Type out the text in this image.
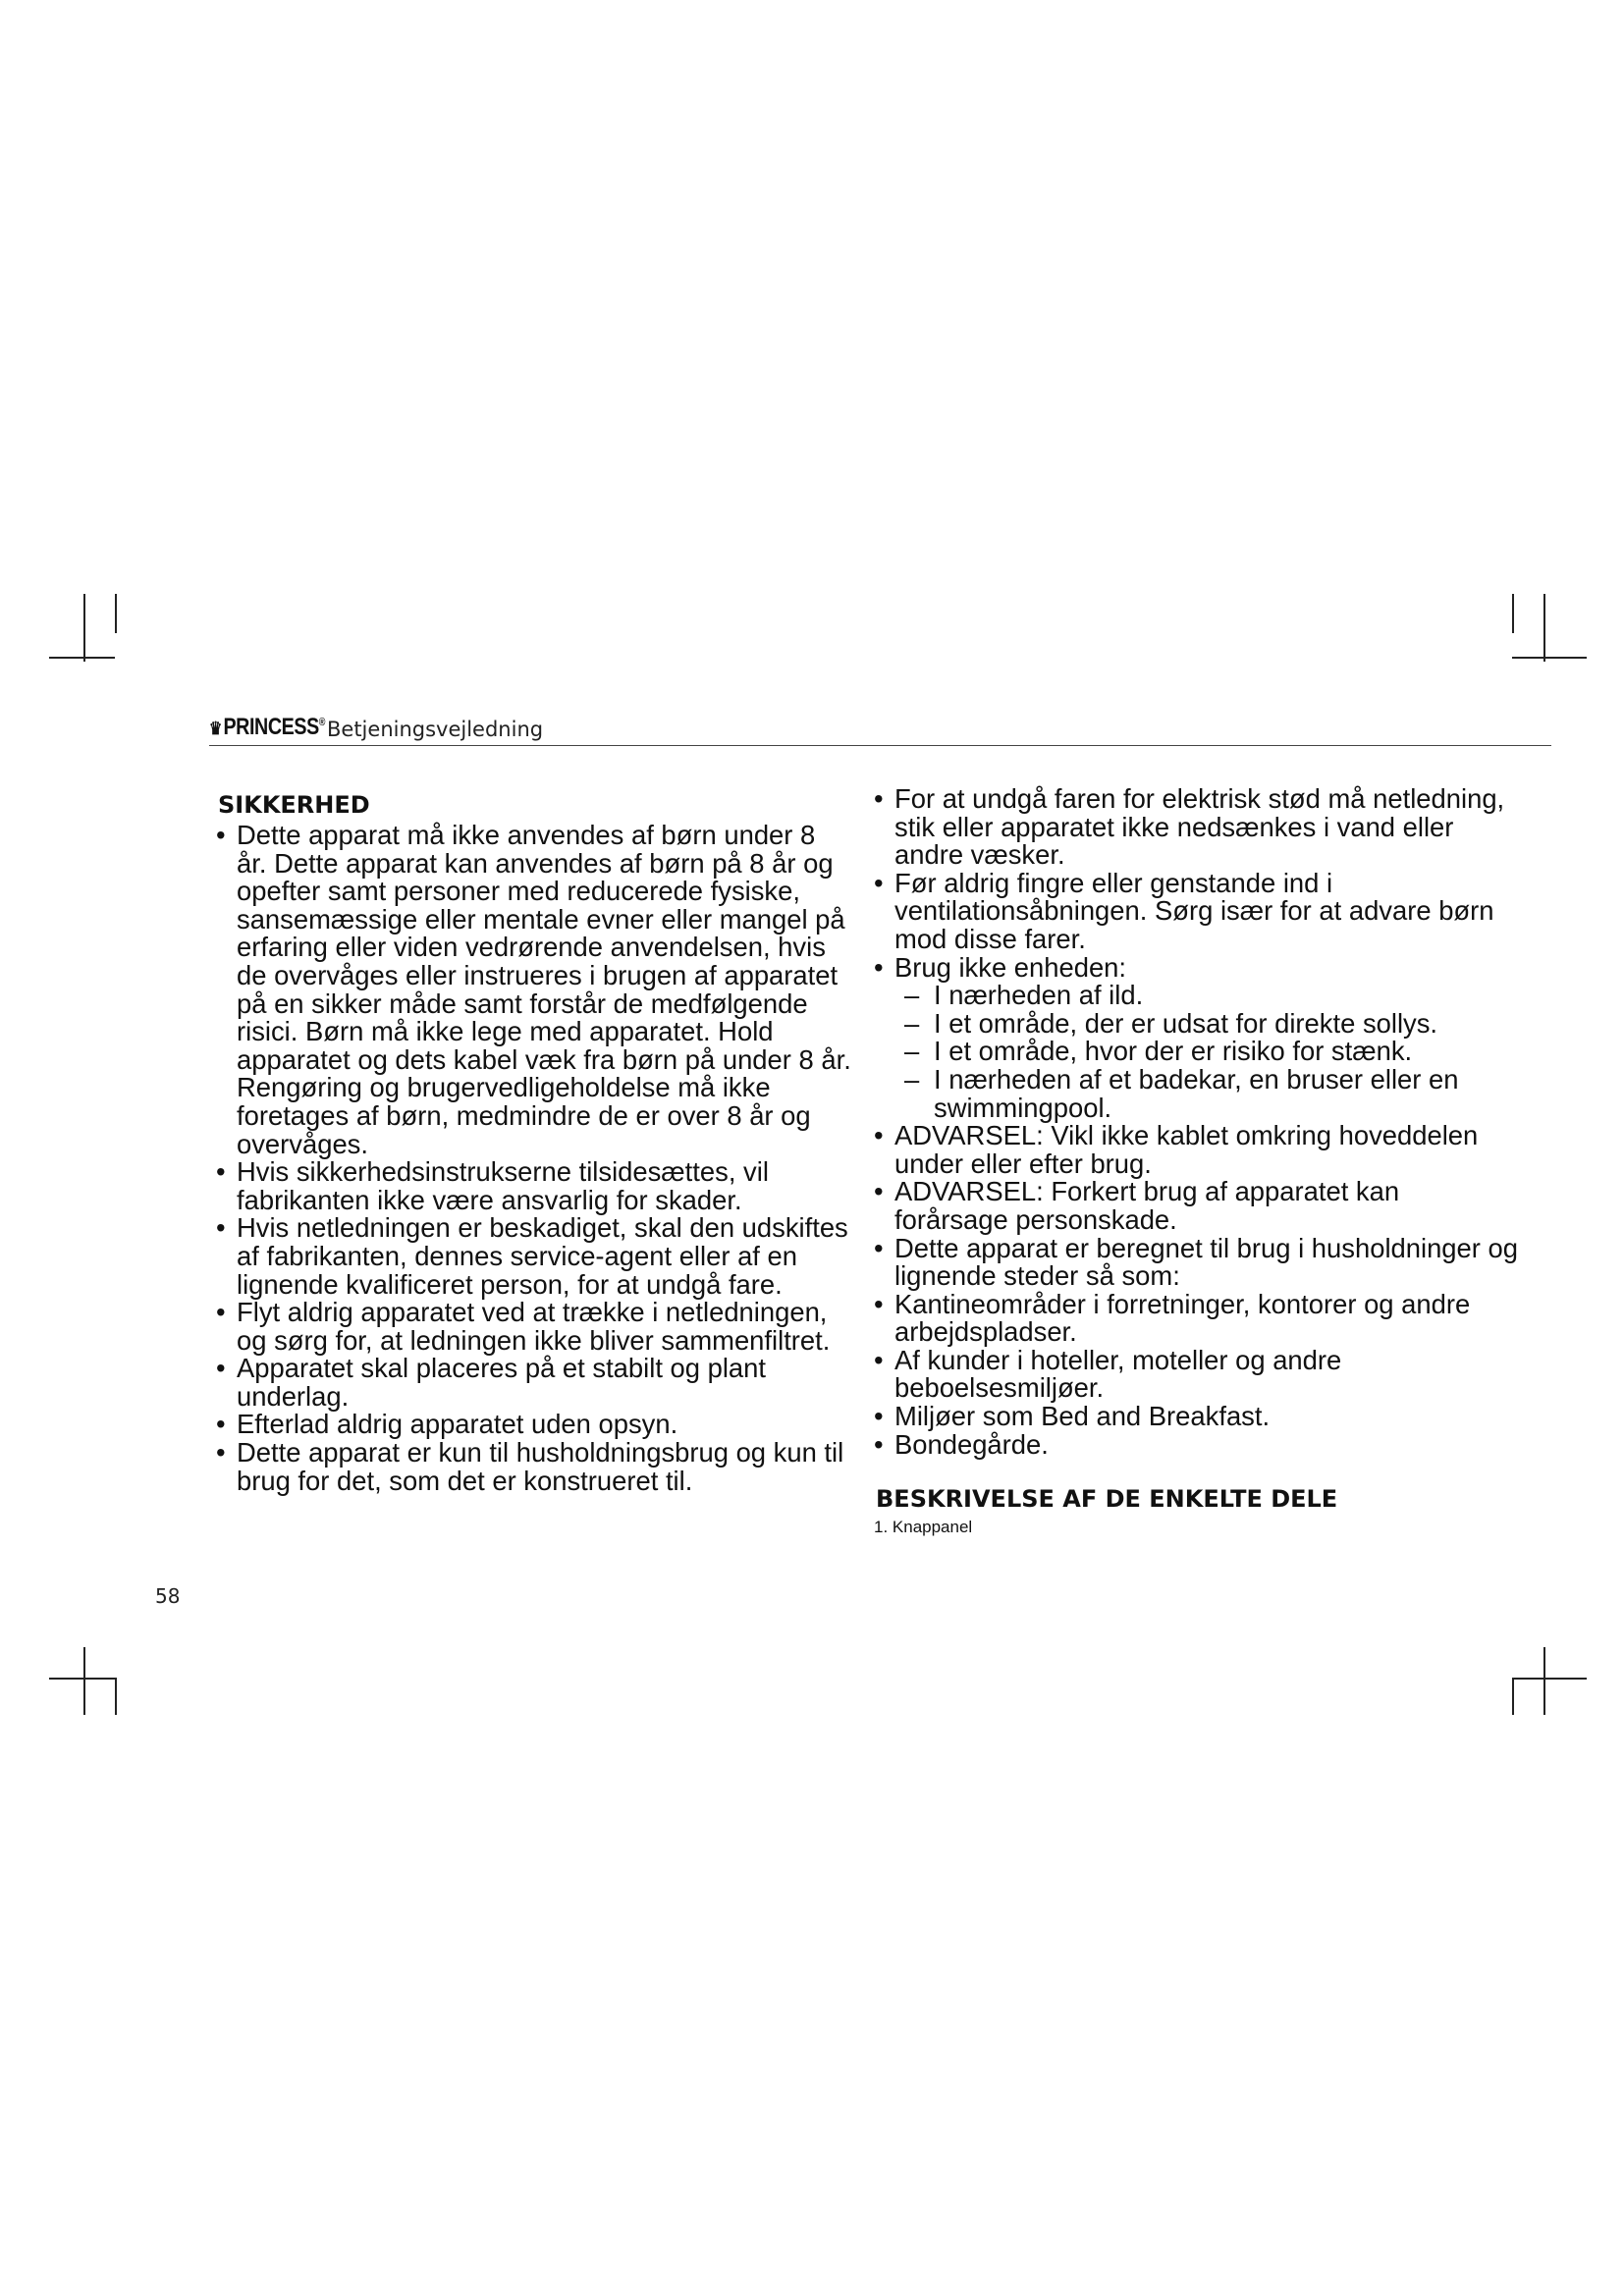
♛PRINCESS® Betjeningsvejledning
SIKKERHED
• Dette apparat må ikke anvendes af børn under 8 år. Dette apparat kan anvendes af børn på 8 år og opefter samt personer med reducerede fysiske, sansemæssige eller mentale evner eller mangel på erfaring eller viden vedrørende anvendelsen, hvis de overvåges eller instrueres i brugen af apparatet på en sikker måde samt forstår de medfølgende risici. Børn må ikke lege med apparatet. Hold apparatet og dets kabel væk fra børn på under 8 år. Rengøring og brugervedligeholdelse må ikke foretages af børn, medmindre de er over 8 år og overvåges.
• Hvis sikkerhedsinstrukserne tilsidesættes, vil fabrikanten ikke være ansvarlig for skader.
• Hvis netledningen er beskadiget, skal den udskiftes af fabrikanten, dennes service-agent eller af en lignende kvalificeret person, for at undgå fare.
• Flyt aldrig apparatet ved at trække i netledningen, og sørg for, at ledningen ikke bliver sammenfiltret.
• Apparatet skal placeres på et stabilt og plant underlag.
• Efterlad aldrig apparatet uden opsyn.
• Dette apparat er kun til husholdningsbrug og kun til brug for det, som det er konstrueret til.
• For at undgå faren for elektrisk stød må netledning, stik eller apparatet ikke nedsænkes i vand eller andre væsker.
• Før aldrig fingre eller genstande ind i ventilationsåbningen. Sørg især for at advare børn mod disse farer.
• Brug ikke enheden:
– I nærheden af ild.
– I et område, der er udsat for direkte sollys.
– I et område, hvor der er risiko for stænk.
– I nærheden af et badekar, en bruser eller en swimmingpool.
• ADVARSEL: Vikl ikke kablet omkring hoveddelen under eller efter brug.
• ADVARSEL: Forkert brug af apparatet kan forårsage personskade.
• Dette apparat er beregnet til brug i husholdninger og lignende steder så som:
• Kantineområder i forretninger, kontorer og andre arbejdspladser.
• Af kunder i hoteller, moteller og andre beboelsesmiljøer.
• Miljøer som Bed and Breakfast.
• Bondegårde.
BESKRIVELSE AF DE ENKELTE DELE
1. Knappanel
58
